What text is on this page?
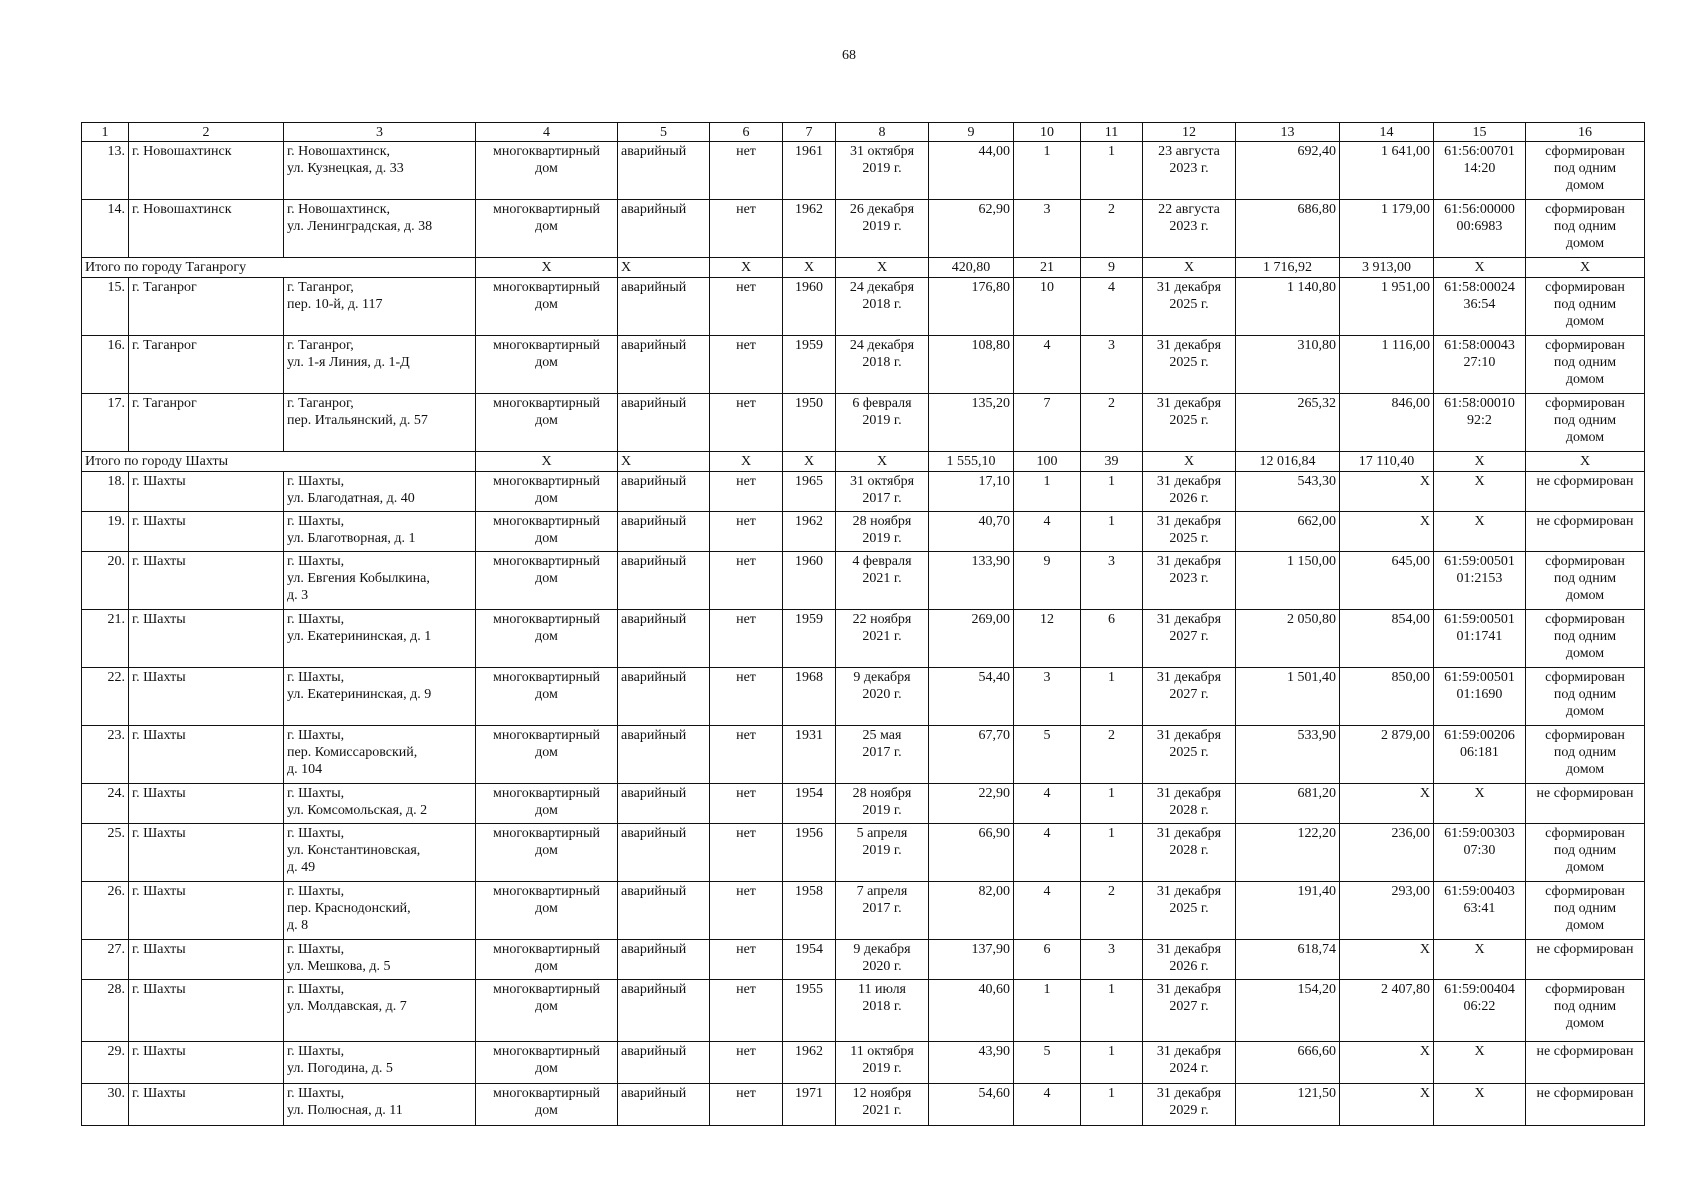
68
1	2	3	4	5	6	7	8	9	10	11	12	13	14	15	16
13.	г. Новошахтинск	г. Новошахтинск,
ул. Кузнецкая, д. 33	многоквартирный
дом	аварийный	нет	1961	31 октября
2019 г.	44,00	1	1	23 августа
2023 г.	692,40	1 641,00	61:56:00701
14:20	сформирован
под одним
домом
14.	г. Новошахтинск	г. Новошахтинск,
ул. Ленинградская, д. 38	многоквартирный
дом	аварийный	нет	1962	26 декабря
2019 г.	62,90	3	2	22 августа
2023 г.	686,80	1 179,00	61:56:00000
00:6983	сформирован
под одним
домом
Итого по городу Таганрогу			X	X	X	X	X	420,80	21	9	X	1 716,92	3 913,00	X	X
15.	г. Таганрог	г. Таганрог,
пер. 10-й, д. 117	многоквартирный
дом	аварийный	нет	1960	24 декабря
2018 г.	176,80	10	4	31 декабря
2025 г.	1 140,80	1 951,00	61:58:00024
36:54	сформирован
под одним
домом
16.	г. Таганрог	г. Таганрог,
ул. 1-я Линия, д. 1-Д	многоквартирный
дом	аварийный	нет	1959	24 декабря
2018 г.	108,80	4	3	31 декабря
2025 г.	310,80	1 116,00	61:58:00043
27:10	сформирован
под одним
домом
17.	г. Таганрог	г. Таганрог,
пер. Итальянский, д. 57	многоквартирный
дом	аварийный	нет	1950	6 февраля
2019 г.	135,20	7	2	31 декабря
2025 г.	265,32	846,00	61:58:00010
92:2	сформирован
под одним
домом
Итого по городу Шахты			X	X	X	X	X	1 555,10	100	39	X	12 016,84	17 110,40	X	X
18.	г. Шахты	г. Шахты,
ул. Благодатная, д. 40	многоквартирный
дом	аварийный	нет	1965	31 октября
2017 г.	17,10	1	1	31 декабря
2026 г.	543,30	X	X	не сформирован
19.	г. Шахты	г. Шахты,
ул. Благотворная, д. 1	многоквартирный
дом	аварийный	нет	1962	28 ноября
2019 г.	40,70	4	1	31 декабря
2025 г.	662,00	X	X	не сформирован
20.	г. Шахты	г. Шахты,
ул. Евгения Кобылкина,
д. 3	многоквартирный
дом	аварийный	нет	1960	4 февраля
2021 г.	133,90	9	3	31 декабря
2023 г.	1 150,00	645,00	61:59:00501
01:2153	сформирован
под одним
домом
21.	г. Шахты	г. Шахты,
ул. Екатерининская, д. 1	многоквартирный
дом	аварийный	нет	1959	22 ноября
2021 г.	269,00	12	6	31 декабря
2027 г.	2 050,80	854,00	61:59:00501
01:1741	сформирован
под одним
домом
22.	г. Шахты	г. Шахты,
ул. Екатерининская, д. 9	многоквартирный
дом	аварийный	нет	1968	9 декабря
2020 г.	54,40	3	1	31 декабря
2027 г.	1 501,40	850,00	61:59:00501
01:1690	сформирован
под одним
домом
23.	г. Шахты	г. Шахты,
пер. Комиссаровский,
д. 104	многоквартирный
дом	аварийный	нет	1931	25 мая
2017 г.	67,70	5	2	31 декабря
2025 г.	533,90	2 879,00	61:59:00206
06:181	сформирован
под одним
домом
24.	г. Шахты	г. Шахты,
ул. Комсомольская, д. 2	многоквартирный
дом	аварийный	нет	1954	28 ноября
2019 г.	22,90	4	1	31 декабря
2028 г.	681,20	X	X	не сформирован
25.	г. Шахты	г. Шахты,
ул. Константиновская,
д. 49	многоквартирный
дом	аварийный	нет	1956	5 апреля
2019 г.	66,90	4	1	31 декабря
2028 г.	122,20	236,00	61:59:00303
07:30	сформирован
под одним
домом
26.	г. Шахты	г. Шахты,
пер. Краснодонский,
д. 8	многоквартирный
дом	аварийный	нет	1958	7 апреля
2017 г.	82,00	4	2	31 декабря
2025 г.	191,40	293,00	61:59:00403
63:41	сформирован
под одним
домом
27.	г. Шахты	г. Шахты,
ул. Мешкова, д. 5	многоквартирный
дом	аварийный	нет	1954	9 декабря
2020 г.	137,90	6	3	31 декабря
2026 г.	618,74	X	X	не сформирован
28.	г. Шахты	г. Шахты,
ул. Молдавская, д. 7	многоквартирный
дом	аварийный	нет	1955	11 июля
2018 г.	40,60	1	1	31 декабря
2027 г.	154,20	2 407,80	61:59:00404
06:22	сформирован
под одним
домом
29.	г. Шахты	г. Шахты,
ул. Погодина, д. 5	многоквартирный
дом	аварийный	нет	1962	11 октября
2019 г.	43,90	5	1	31 декабря
2024 г.	666,60	X	X	не сформирован
30.	г. Шахты	г. Шахты,
ул. Полюсная, д. 11	многоквартирный
дом	аварийный	нет	1971	12 ноября
2021 г.	54,60	4	1	31 декабря
2029 г.	121,50	X	X	не сформирован
